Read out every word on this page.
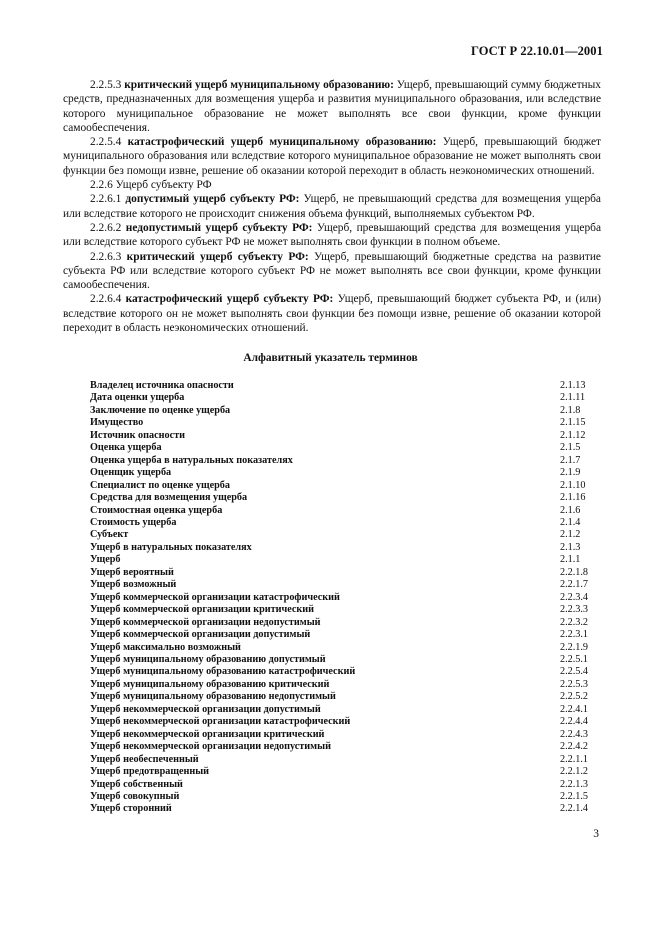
ГОСТ Р 22.10.01—2001

2.2.5.3 критический ущерб муниципальному образованию: Ущерб, превышающий сумму бюджетных средств, предназначенных для возмещения ущерба и развития муниципального образования, или вследствие которого муниципальное образование не может выполнять все свои функции, кроме функции самообеспечения.

2.2.5.4 катастрофический ущерб муниципальному образованию: Ущерб, превышающий бюджет муниципального образования или вследствие которого муниципальное образование не может выполнять свои функции без помощи извне, решение об оказании которой переходит в область неэкономических отношений.

2.2.6 Ущерб субъекту РФ

2.2.6.1 допустимый ущерб субъекту РФ: Ущерб, не превышающий средства для возмещения ущерба или вследствие которого не происходит снижения объема функций, выполняемых субъектом РФ.

2.2.6.2 недопустимый ущерб субъекту РФ: Ущерб, превышающий средства для возмещения ущерба или вследствие которого субъект РФ не может выполнять свои функции в полном объеме.

2.2.6.3 критический ущерб субъекту РФ: Ущерб, превышающий бюджетные средства на развитие субъекта РФ или вследствие которого субъект РФ не может выполнять все свои функции, кроме функции самообеспечения.

2.2.6.4 катастрофический ущерб субъекту РФ: Ущерб, превышающий бюджет субъекта РФ, и (или) вследствие которого он не может выполнять свои функции без помощи извне, решение об оказании которой переходит в область неэкономических отношений.

Алфавитный указатель терминов
Владелец источника опасности	2.1.13
Дата оценки ущерба	2.1.11
Заключение по оценке ущерба	2.1.8
Имущество	2.1.15
Источник опасности	2.1.12
Оценка ущерба	2.1.5
Оценка ущерба в натуральных показателях	2.1.7
Оценщик ущерба	2.1.9
Специалист по оценке ущерба	2.1.10
Средства для возмещения ущерба	2.1.16
Стоимостная оценка ущерба	2.1.6
Стоимость ущерба	2.1.4
Субъект	2.1.2
Ущерб в натуральных показателях	2.1.3
Ущерб	2.1.1
Ущерб вероятный	2.2.1.8
Ущерб возможный	2.2.1.7
Ущерб коммерческой организации катастрофический	2.2.3.4
Ущерб коммерческой организации критический	2.2.3.3
Ущерб коммерческой организации недопустимый	2.2.3.2
Ущерб коммерческой организации допустимый	2.2.3.1
Ущерб максимально возможный	2.2.1.9
Ущерб муниципальному образованию допустимый	2.2.5.1
Ущерб муниципальному образованию катастрофический	2.2.5.4
Ущерб муниципальному образованию критический	2.2.5.3
Ущерб муниципальному образованию недопустимый	2.2.5.2
Ущерб некоммерческой организации допустимый	2.2.4.1
Ущерб некоммерческой организации катастрофический	2.2.4.4
Ущерб некоммерческой организации критический	2.2.4.3
Ущерб некоммерческой организации недопустимый	2.2.4.2
Ущерб необеспеченный	2.2.1.1
Ущерб предотвращенный	2.2.1.2
Ущерб собственный	2.2.1.3
Ущерб совокупный	2.2.1.5
Ущерб сторонний	2.2.1.4
3
